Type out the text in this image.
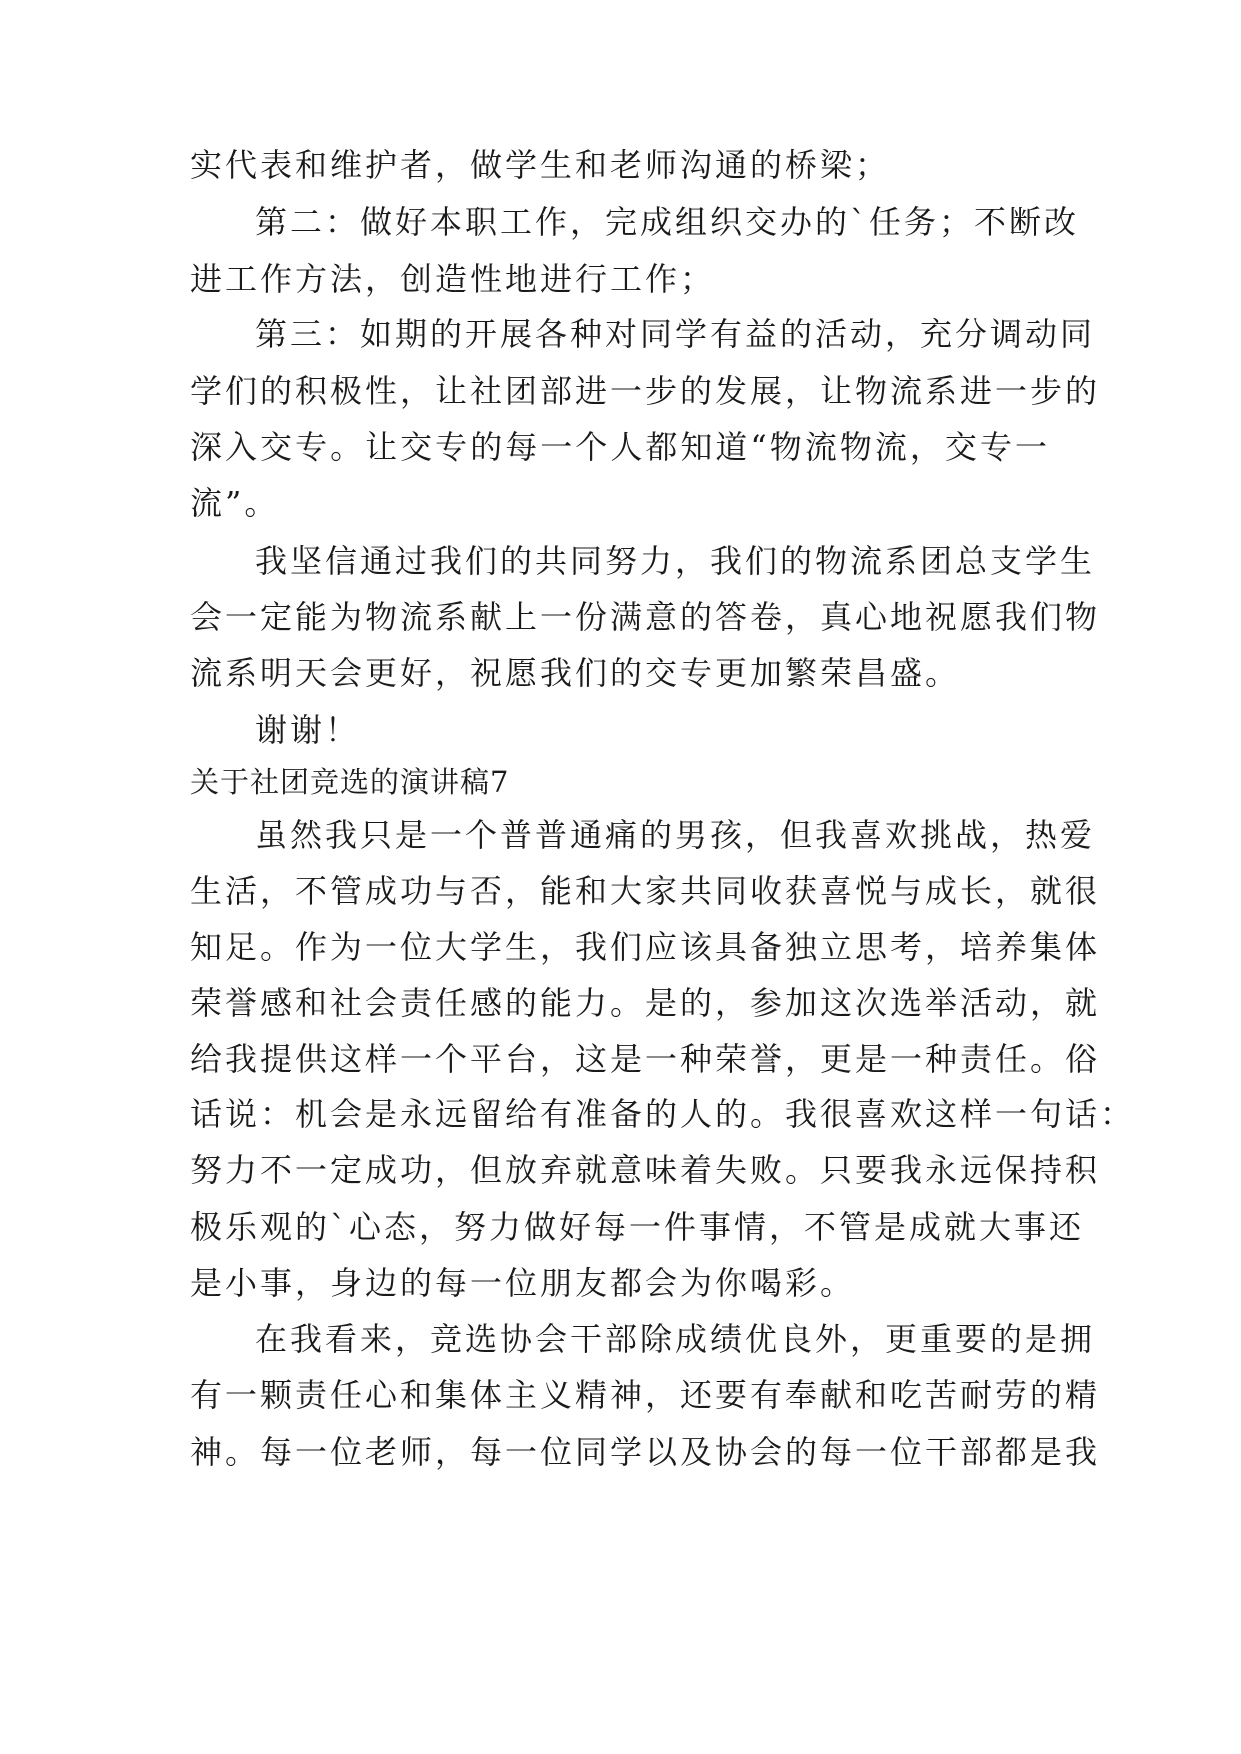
实代表和维护者，做学生和老师沟通的桥梁；
第二：做好本职工作，完成组织交办的`任务；不断改
进工作方法，创造性地进行工作；
第三：如期的开展各种对同学有益的活动，充分调动同
学们的积极性，让社团部进一步的发展，让物流系进一步的
深入交专。让交专的每一个人都知道“物流物流，交专一
流”。
我坚信通过我们的共同努力，我们的物流系团总支学生
会一定能为物流系献上一份满意的答卷，真心地祝愿我们物
流系明天会更好，祝愿我们的交专更加繁荣昌盛。
谢谢！
关于社团竞选的演讲稿7
虽然我只是一个普普通痛的男孩，但我喜欢挑战，热爱
生活，不管成功与否，能和大家共同收获喜悦与成长，就很
知足。作为一位大学生，我们应该具备独立思考，培养集体
荣誉感和社会责任感的能力。是的，参加这次选举活动，就
给我提供这样一个平台，这是一种荣誉，更是一种责任。俗
话说：机会是永远留给有准备的人的。我很喜欢这样一句话：
努力不一定成功，但放弃就意味着失败。只要我永远保持积
极乐观的`心态，努力做好每一件事情，不管是成就大事还
是小事，身边的每一位朋友都会为你喝彩。
在我看来，竞选协会干部除成绩优良外，更重要的是拥
有一颗责任心和集体主义精神，还要有奉献和吃苦耐劳的精
神。每一位老师，每一位同学以及协会的每一位干部都是我
